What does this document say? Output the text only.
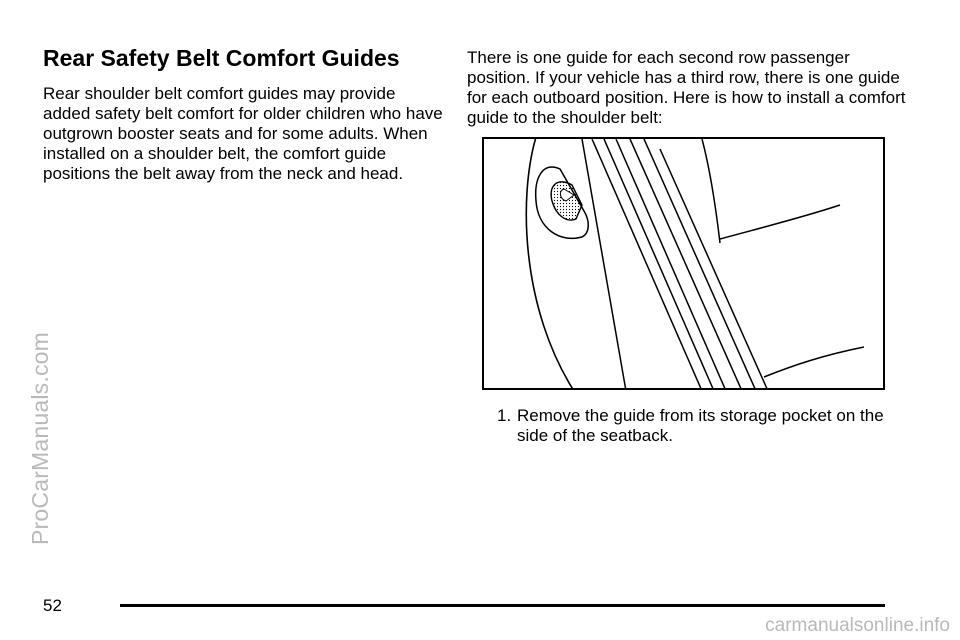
ProCarManuals.com
Rear Safety Belt Comfort Guides

Rear shoulder belt comfort guides may provide added safety belt comfort for older children who have outgrown booster seats and for some adults. When installed on a shoulder belt, the comfort guide positions the belt away from the neck and head.

There is one guide for each second row passenger position. If your vehicle has a third row, there is one guide for each outboard position. Here is how to install a comfort guide to the shoulder belt:

1. Remove the guide from its storage pocket on the side of the seatback.
52
carmanualsonline.info
